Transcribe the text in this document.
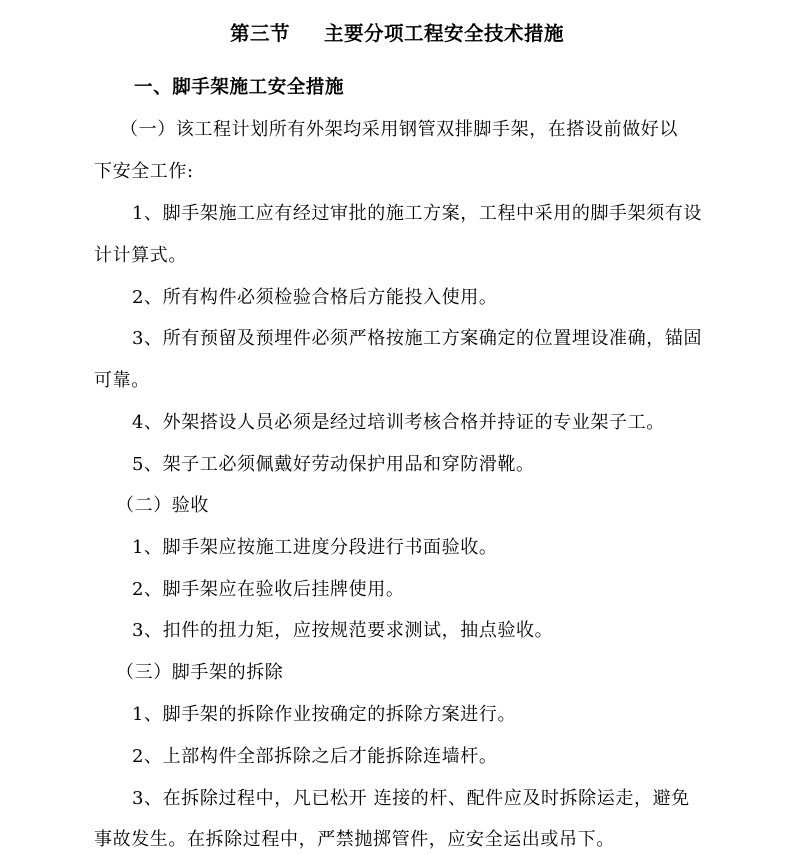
第三节 主要分项工程安全技术措施
一、脚手架施工安全措施
（一）该工程计划所有外架均采用钢管双排脚手架，在搭设前做好以
下安全工作:
1、脚手架施工应有经过审批的施工方案，工程中采用的脚手架须有设
计计算式。
2、所有构件必须检验合格后方能投入使用。
3、所有预留及预埋件必须严格按施工方案确定的位置埋设准确，锚固
可靠。
4、外架搭设人员必须是经过培训考核合格并持证的专业架子工。
5、架子工必须佩戴好劳动保护用品和穿防滑靴。
（二）验收
1、脚手架应按施工进度分段进行书面验收。
2、脚手架应在验收后挂牌使用。
3、扣件的扭力矩，应按规范要求测试，抽点验收。
（三）脚手架的拆除
1、脚手架的拆除作业按确定的拆除方案进行。
2、上部构件全部拆除之后才能拆除连墙杆。
3、在拆除过程中，凡已松开 连接的杆、配件应及时拆除运走，避免
事故发生。在拆除过程中，严禁抛掷管件，应安全运出或吊下。
